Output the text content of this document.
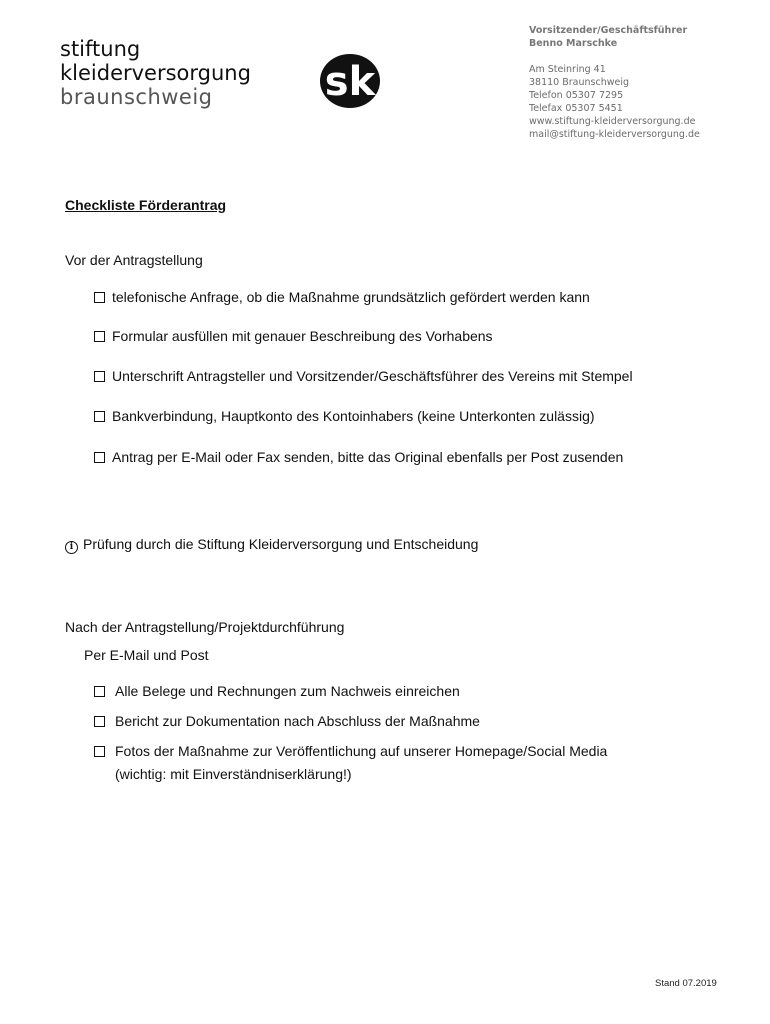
stiftung
kleiderversorgung
braunschweig	sk
Vorsitzender/Geschäftsführer
Benno Marschke
Am Steinring 41
38110 Braunschweig
Telefon 05307 7295
Telefax 05307 5451
www.stiftung-kleiderversorgung.de
mail@stiftung-kleiderversorgung.de
Checkliste Förderantrag
Vor der Antragstellung
telefonische Anfrage, ob die Maßnahme grundsätzlich gefördert werden kann
Formular ausfüllen mit genauer Beschreibung des Vorhabens
Unterschrift Antragsteller und Vorsitzender/Geschäftsführer des Vereins mit Stempel
Bankverbindung, Hauptkonto des Kontoinhabers (keine Unterkonten zulässig)
Antrag per E-Mail oder Fax senden, bitte das Original ebenfalls per Post zusenden
i Prüfung durch die Stiftung Kleiderversorgung und Entscheidung
Nach der Antragstellung/Projektdurchführung
Per E-Mail und Post
Alle Belege und Rechnungen zum Nachweis einreichen
Bericht zur Dokumentation nach Abschluss der Maßnahme
Fotos der Maßnahme zur Veröffentlichung auf unserer Homepage/Social Media
(wichtig: mit Einverständniserklärung!)
Stand 07.2019
